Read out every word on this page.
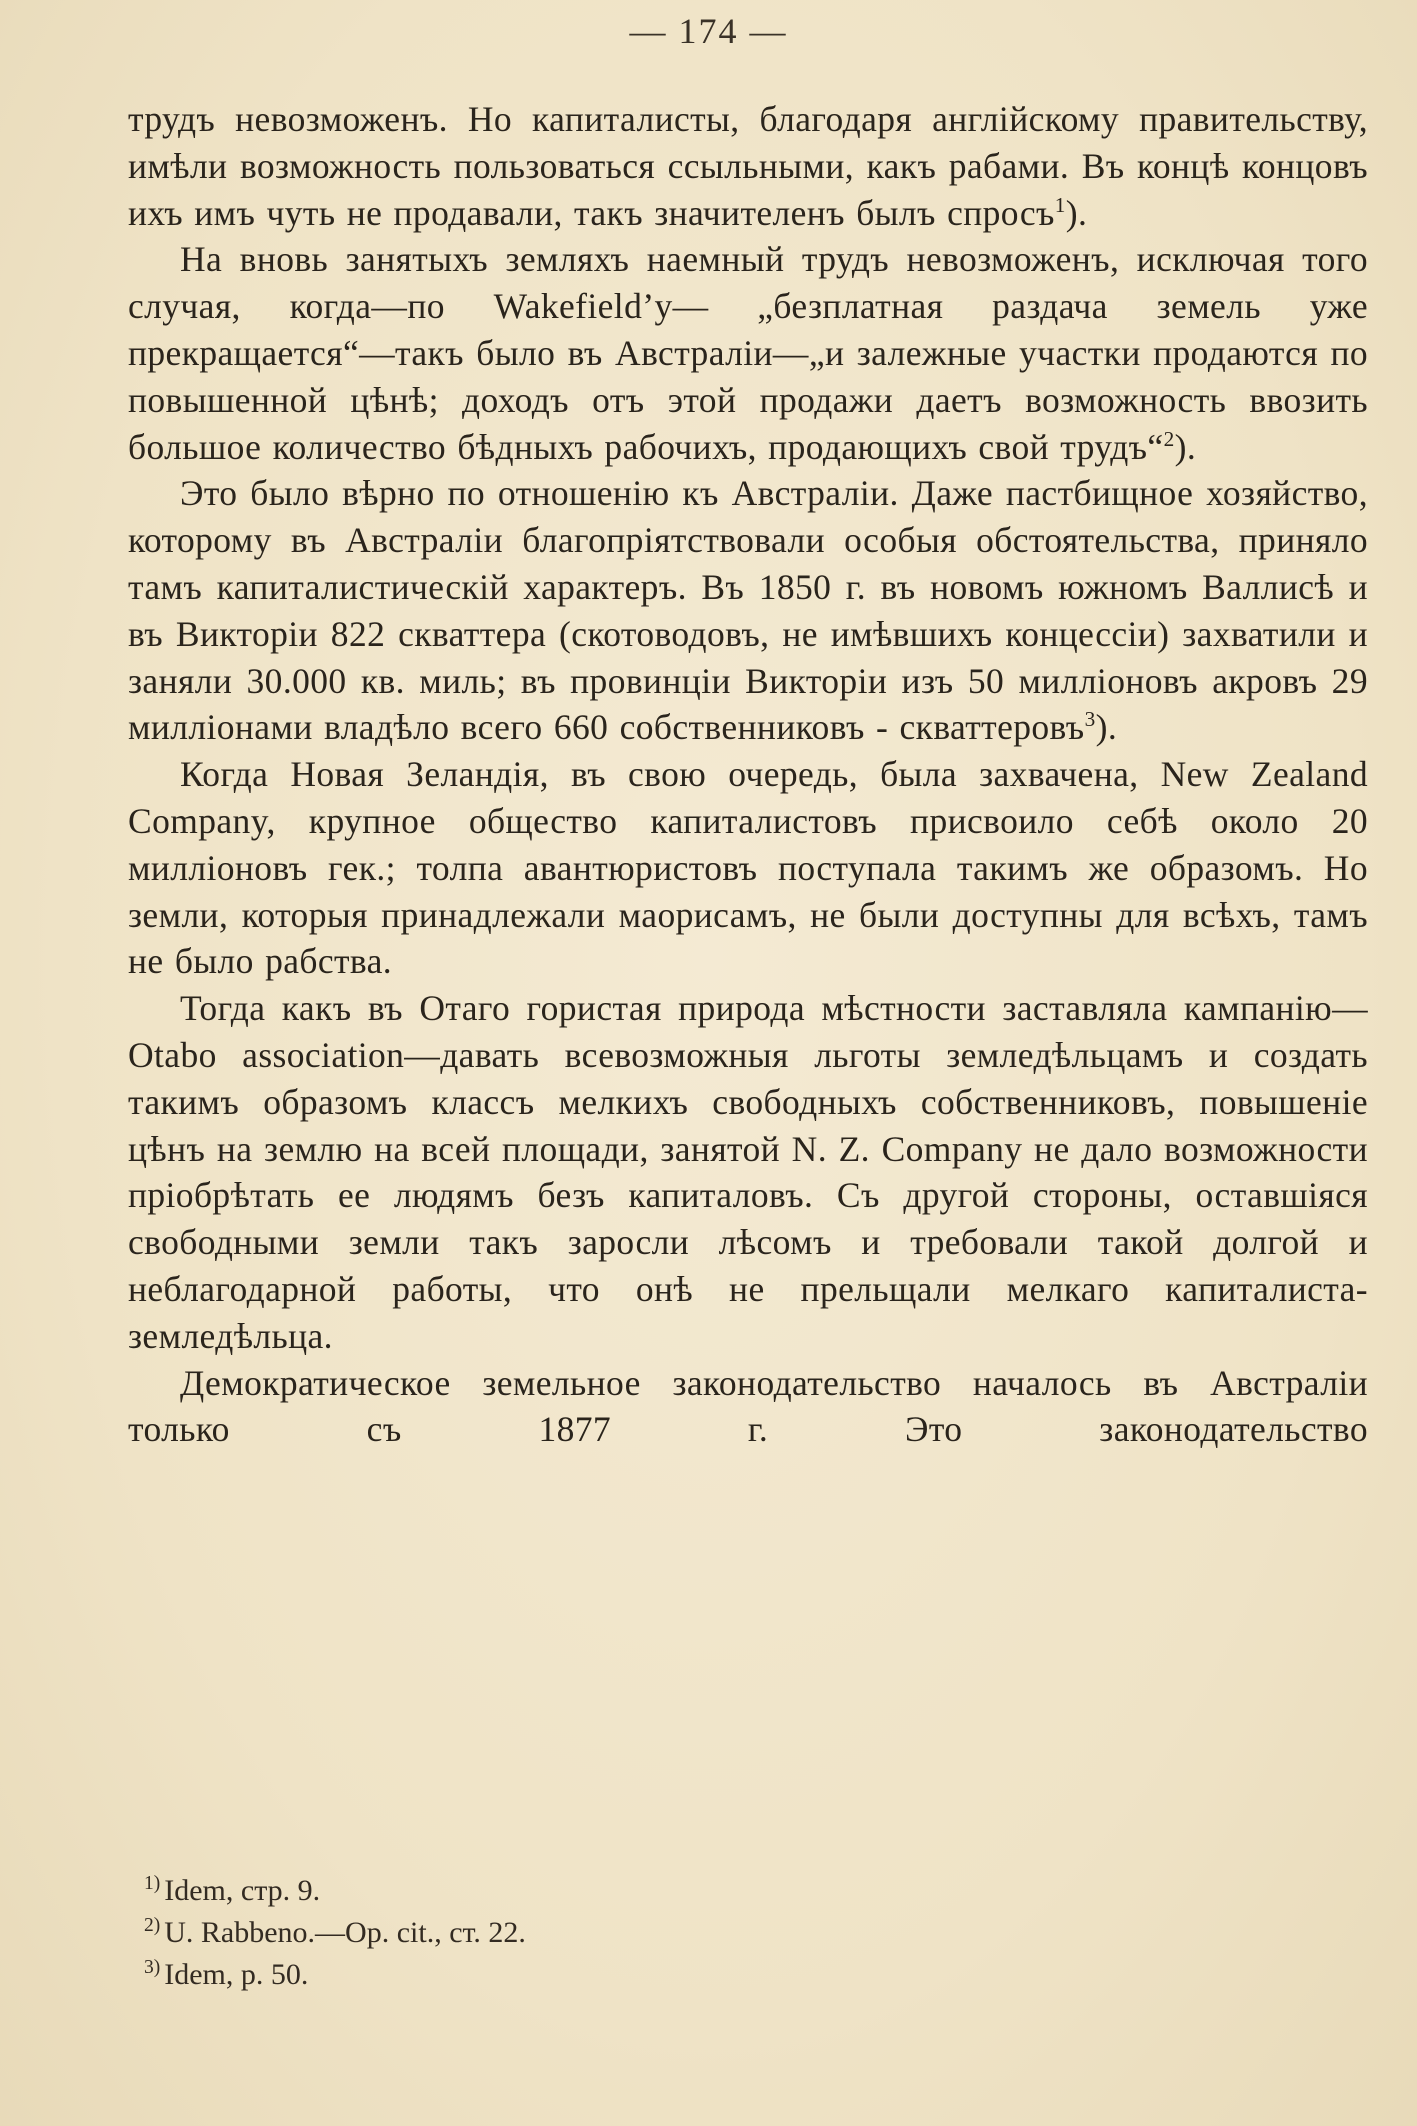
— 174 —

трудъ невозможенъ. Но капиталисты, благодаря англійскому правительству, имѣли возможность пользоваться ссыльными, какъ рабами. Въ концѣ концовъ ихъ имъ чуть не продавали, такъ значителенъ былъ спросъ$^1$).

На вновь занятыхъ земляхъ наемный трудъ невозможенъ, исключая того случая, когда—по Wakefield’у— „безплатная раздача земель уже прекращается“—такъ было въ Австраліи—„и залежные участки продаются по повышенной цѣнѣ; доходъ отъ этой продажи даетъ возможность ввозить большое количество бѣдныхъ рабочихъ, продающихъ свой трудъ“$^2$).

Это было вѣрно по отношенію къ Австраліи. Даже пастбищное хозяйство, которому въ Австраліи благопріятствовали особыя обстоятельства, приняло тамъ капиталистическій характеръ. Въ 1850 г. въ новомъ южномъ Валлисѣ и въ Викторіи 822 скваттера (скотоводовъ, не имѣвшихъ концессіи) захватили и заняли 30.000 кв. миль; въ провинціи Викторіи изъ 50 милліоновъ акровъ 29 милліонами владѣло всего 660 собственниковъ - скваттеровъ$^3$).

Когда Новая Зеландія, въ свою очередь, была захвачена, New Zealand Company, крупное общество капиталистовъ присвоило себѣ около 20 милліоновъ гек.; толпа авантюристовъ поступала такимъ же образомъ. Но земли, которыя принадлежали маорисамъ, не были доступны для всѣхъ, тамъ не было рабства.

Тогда какъ въ Отаго гористая природа мѣстности заставляла кампанію—Otabo association—давать всевозможныя льготы земледѣльцамъ и создать такимъ образомъ классъ мелкихъ свободныхъ собственниковъ, повышеніе цѣнъ на землю на всей площади, занятой N. Z. Company не дало возможности пріобрѣтать ее людямъ безъ капиталовъ. Съ другой стороны, оставшіяся свободными земли такъ заросли лѣсомъ и требовали такой долгой и неблагодарной работы, что онѣ не прельщали мелкаго капиталиста-земледѣльца.

Демократическое земельное законодательство началось въ Австраліи только съ 1877 г. Это законодательство

$^{1)}$ Idem, стр. 9.
$^{2)}$ U. Rabbeno.—Op. cit., ст. 22.
$^{3)}$ Idem, p. 50.
